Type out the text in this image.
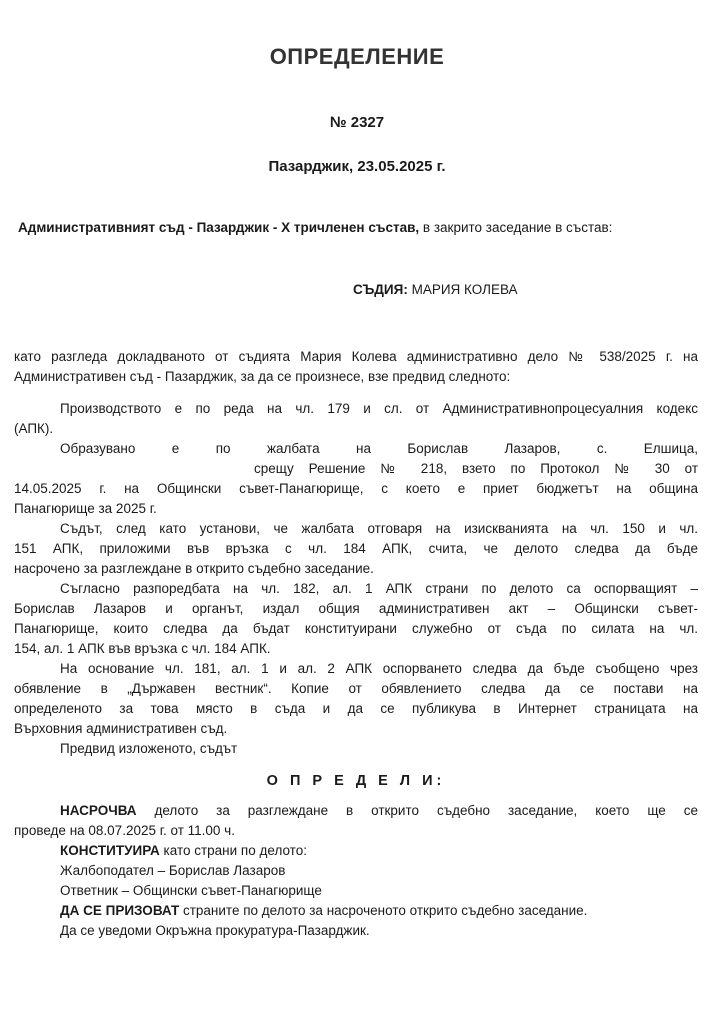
ОПРЕДЕЛЕНИЕ
№ 2327
Пазарджик, 23.05.2025 г.
Административният съд - Пазарджик - X тричленен състав, в закрито заседание в състав:
СЪДИЯ: МАРИЯ КОЛЕВА

като разгледа докладваното от съдията Мария Колева административно дело № 538/2025 г. на
Административен съд - Пазарджик, за да се произнесе, взе предвид следното:

Производството е по реда на чл. 179 и сл. от Административнопроцесуалния кодекс
(АПК).

Образувано е по жалбата на Борислав Лазаров, с. Елшица,
срещу Решение № 218, взето по Протокол № 30 от
14.05.2025 г. на Общински съвет-Панагюрище, с което е приет бюджетът на община
Панагюрище за 2025 г.

Съдът, след като установи, че жалбата отговаря на изискванията на чл. 150 и чл.
151 АПК, приложими във връзка с чл. 184 АПК, счита, че делото следва да бъде
насрочено за разглеждане в открито съдебно заседание.

Съгласно разпоредбата на чл. 182, ал. 1 АПК страни по делото са оспорващият –
Борислав Лазаров и органът, издал общия административен акт – Общински съвет-
Панагюрище, които следва да бъдат конституирани служебно от съда по силата на чл.
154, ал. 1 АПК във връзка с чл. 184 АПК.

На основание чл. 181, ал. 1 и ал. 2 АПК оспорването следва да бъде съобщено чрез
обявление в „Държавен вестник“. Копие от обявлението следва да се постави на
определеното за това място в съда и да се публикува в Интернет страницата на
Върховния административен съд.

Предвид изложеното, съдът

О П Р Е Д Е Л И:

НАСРОЧВА делото за разглеждане в открито съдебно заседание, което ще се
проведе на 08.07.2025 г. от 11.00 ч.

КОНСТИТУИРА като страни по делото:

Жалбоподател – Борислав Лазаров

Ответник – Общински съвет-Панагюрище

ДА СЕ ПРИЗОВАТ страните по делото за насроченото открито съдебно заседание.

Да се уведоми Окръжна прокуратура-Пазарджик.
